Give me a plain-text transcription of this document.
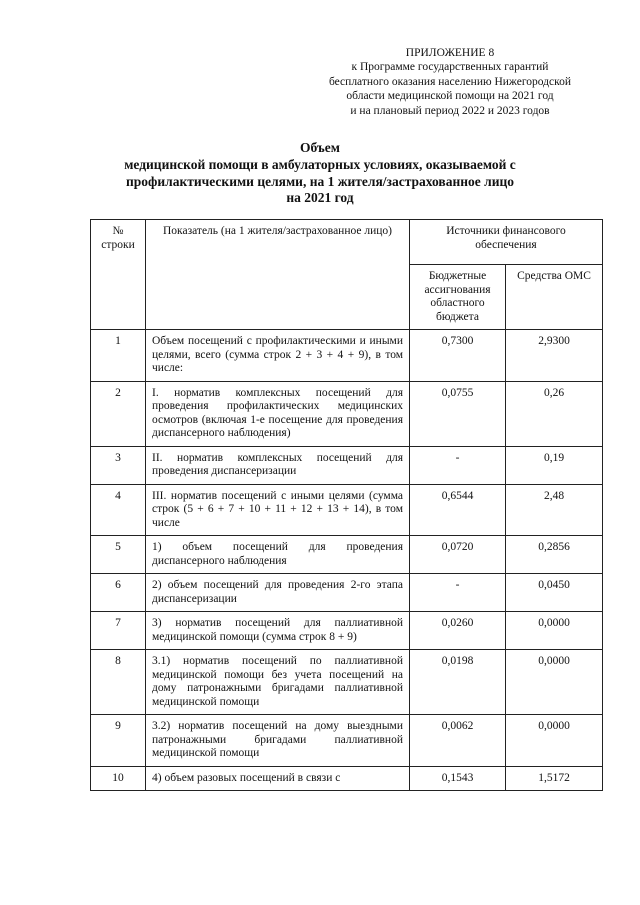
ПРИЛОЖЕНИЕ 8
к Программе государственных гарантий
бесплатного оказания населению Нижегородской
области медицинской помощи на 2021 год
и на плановый период 2022 и 2023 годов
Объем
медицинской помощи в амбулаторных условиях, оказываемой с
профилактическими целями, на 1 жителя/застрахованное лицо
на 2021 год
№ строки	Показатель (на 1 жителя/застрахованное лицо)	Источники финансового обеспечения	
		Бюджетные ассигнования областного бюджета	Средства ОМС
1	Объем посещений с профилактическими и иными целями, всего (сумма строк 2 + 3 + 4 + 9), в том числе:	0,7300	2,9300
2	I. норматив комплексных посещений для проведения профилактических медицинских осмотров (включая 1-е посещение для проведения диспансерного наблюдения)	0,0755	0,26
3	II. норматив комплексных посещений для проведения диспансеризации	-	0,19
4	III. норматив посещений с иными целями (сумма строк (5 + 6 + 7 + 10 + 11 + 12 + 13 + 14), в том числе	0,6544	2,48
5	1) объем посещений для проведения диспансерного наблюдения	0,0720	0,2856
6	2) объем посещений для проведения 2-го этапа диспансеризации	-	0,0450
7	3) норматив посещений для паллиативной медицинской помощи (сумма строк 8 + 9)	0,0260	0,0000
8	3.1) норматив посещений по паллиативной медицинской помощи без учета посещений на дому патронажными бригадами паллиативной медицинской помощи	0,0198	0,0000
9	3.2) норматив посещений на дому выездными патронажными бригадами паллиативной медицинской помощи	0,0062	0,0000
10	4) объем разовых посещений в связи с	0,1543	1,5172
